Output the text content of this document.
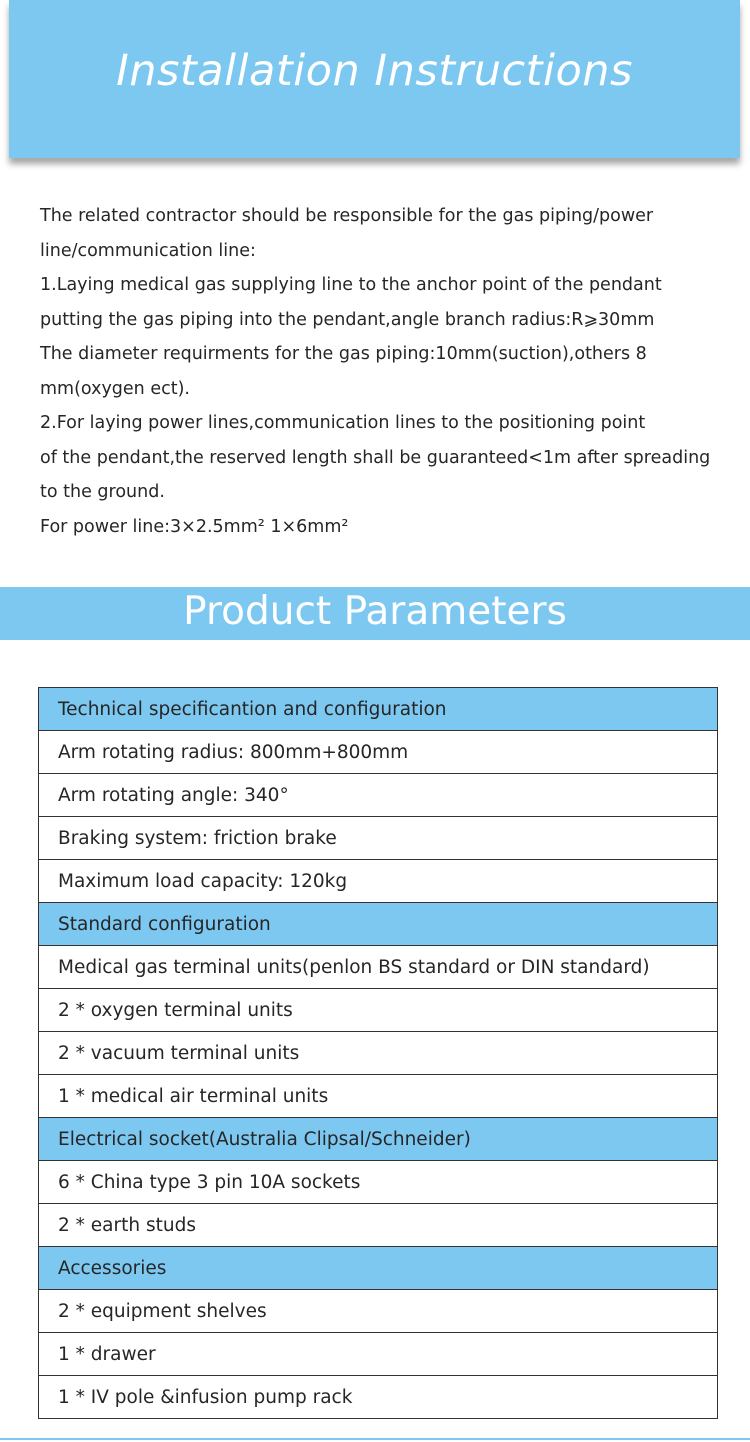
Installation Instructions

The related contractor should be responsible for the gas piping/power

line/communication line:

1.Laying medical gas supplying line to the anchor point of the pendant

putting the gas piping into the pendant,angle branch radius:R⩾30mm

The diameter requirments for the gas piping:10mm(suction),others 8

mm(oxygen ect).

2.For laying power lines,communication lines to the positioning point

of the pendant,the reserved length shall be guaranteed<1m after spreading

to the ground.

For power line:3×2.5mm² 1×6mm²

Product Parameters
Technical specificantion and configuration
Arm rotating radius: 800mm+800mm
Arm rotating angle: 340°
Braking system: friction brake
Maximum load capacity: 120kg
Standard configuration
Medical gas terminal units(penlon BS standard or DIN standard)
2 * oxygen terminal units
2 * vacuum terminal units
1 * medical air terminal units
Electrical socket(Australia Clipsal/Schneider)
6 * China type 3 pin 10A sockets
2 * earth studs
Accessories
2 * equipment shelves
1 * drawer
1 * IV pole &infusion pump rack
